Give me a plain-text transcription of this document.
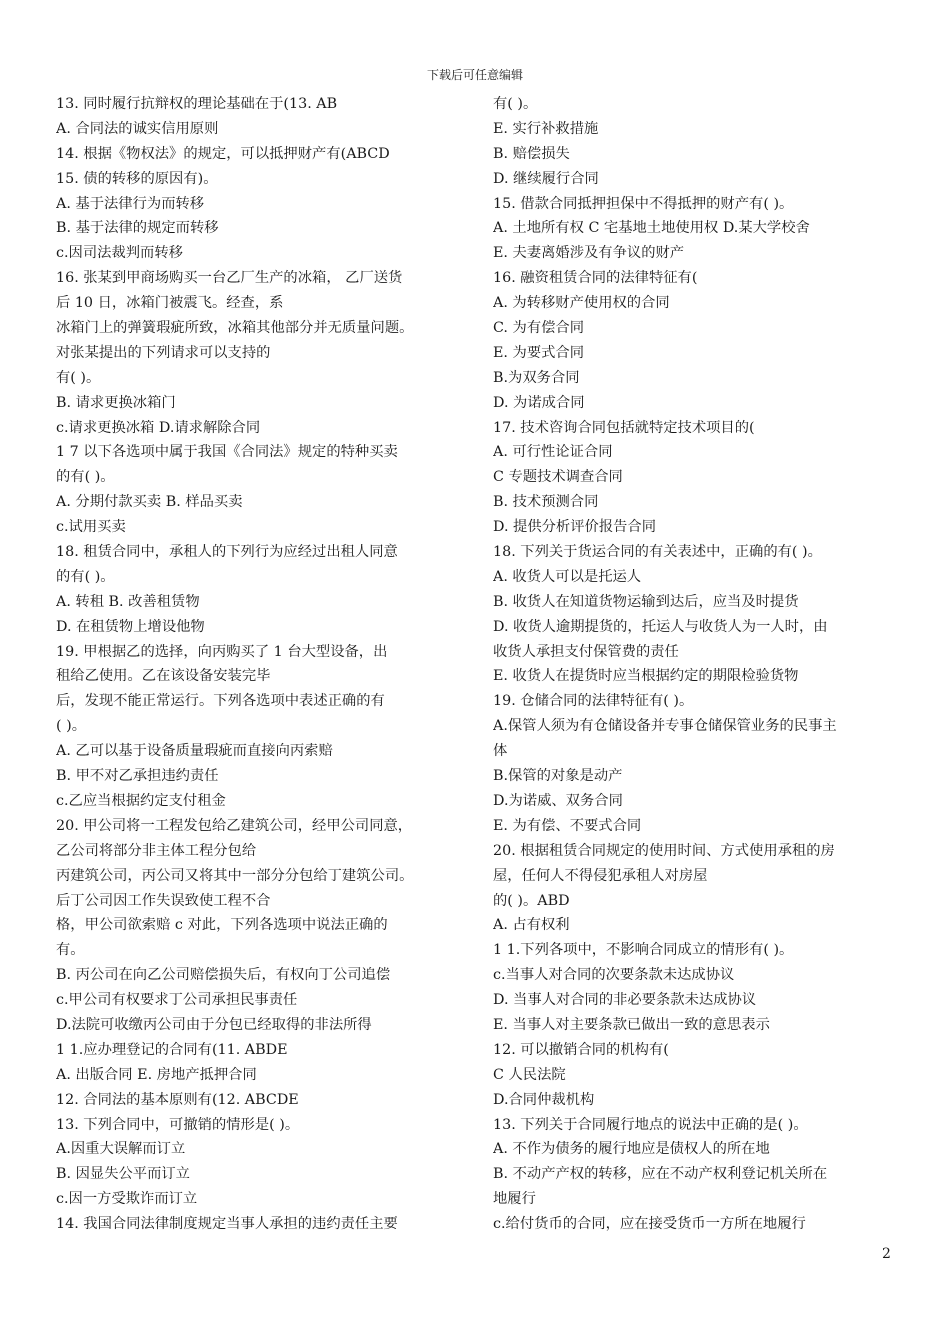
下载后可任意编辑
13. 同时履行抗辩权的理论基础在于(13. AB
A. 合同法的诚实信用原则
14. 根据《物权法》的规定，可以抵押财产有(ABCD
15. 债的转移的原因有)。
A. 基于法律行为而转移
B. 基于法律的规定而转移
c.因司法裁判而转移
16. 张某到甲商场购买一台乙厂生产的冰箱， 乙厂送货
后 10 日，冰箱门被震飞。经查，系
冰箱门上的弹簧瑕疵所致，冰箱其他部分并无质量问题。
对张某提出的下列请求可以支持的
有( )。
B. 请求更换冰箱门
c.请求更换冰箱 D.请求解除合同
1 7 以下各选项中属于我国《合同法》规定的特种买卖
的有( )。
A. 分期付款买卖 B. 样品买卖
c.试用买卖
18. 租赁合同中，承租人的下列行为应经过出租人同意
的有( )。
A. 转租 B. 改善租赁物
D. 在租赁物上增设他物
19. 甲根据乙的选择，向丙购买了 1 台大型设备，出
租给乙使用。乙在该设备安装完毕
后，发现不能正常运行。下列各选项中表述正确的有
( )。
A. 乙可以基于设备质量瑕疵而直接向丙索赔
B. 甲不对乙承担违约责任
c.乙应当根据约定支付租金
20. 甲公司将一工程发包给乙建筑公司，经甲公司同意，
乙公司将部分非主体工程分包给
丙建筑公司，丙公司又将其中一部分分包给丁建筑公司。
后丁公司因工作失误致使工程不合
格，甲公司欲索赔 c 对此，下列各选项中说法正确的
有。
B. 丙公司在向乙公司赔偿损失后，有权向丁公司追偿
c.甲公司有权要求丁公司承担民事责任
D.法院可收缴丙公司由于分包已经取得的非法所得
1 1.应办理登记的合同有(11. ABDE
A. 出版合同 E. 房地产抵押合同
12. 合同法的基本原则有(12. ABCDE
13. 下列合同中，可撤销的情形是( )。
A.因重大误解而订立
B. 因显失公平而订立
c.因一方受欺诈而订立
14. 我国合同法律制度规定当事人承担的违约责任主要
有( )。
E. 实行补救措施
B. 赔偿损失
D. 继续履行合同
15. 借款合同抵押担保中不得抵押的财产有( )。
A. 土地所有权 C 宅基地土地使用权 D.某大学校舍
E. 夫妻离婚涉及有争议的财产
16. 融资租赁合同的法律特征有(
A. 为转移财产使用权的合同
C. 为有偿合同
E. 为要式合同
B.为双务合同
D. 为诺成合同
17. 技术咨询合同包括就特定技术项目的(
A. 可行性论证合同
C 专题技术调查合同
B. 技术预测合同
D. 提供分析评价报告合同
18. 下列关于货运合同的有关表述中，正确的有( )。
A. 收货人可以是托运人
B. 收货人在知道货物运输到达后，应当及时提货
D. 收货人逾期提货的，托运人与收货人为一人时，由
收货人承担支付保管费的责任
E. 收货人在提货时应当根据约定的期限检验货物
19. 仓储合同的法律特征有( )。
A.保管人须为有仓储设备并专事仓储保管业务的民事主
体
B.保管的对象是动产
D.为诺威、双务合同
E. 为有偿、不要式合同
20. 根据租赁合同规定的使用时间、方式使用承租的房
屋，任何人不得侵犯承租人对房屋
的( )。ABD
A. 占有权利
1 1.下列各项中，不影响合同成立的情形有( )。
c.当事人对合同的次要条款未达成协议
D. 当事人对合同的非必要条款未达成协议
E. 当事人对主要条款已做出一致的意思表示
12. 可以撤销合同的机构有(
C 人民法院
D.合同仲裁机构
13. 下列关于合同履行地点的说法中正确的是( )。
A. 不作为债务的履行地应是债权人的所在地
B. 不动产产权的转移，应在不动产权利登记机关所在
地履行
c.给付货币的合同，应在接受货币一方所在地履行
2
